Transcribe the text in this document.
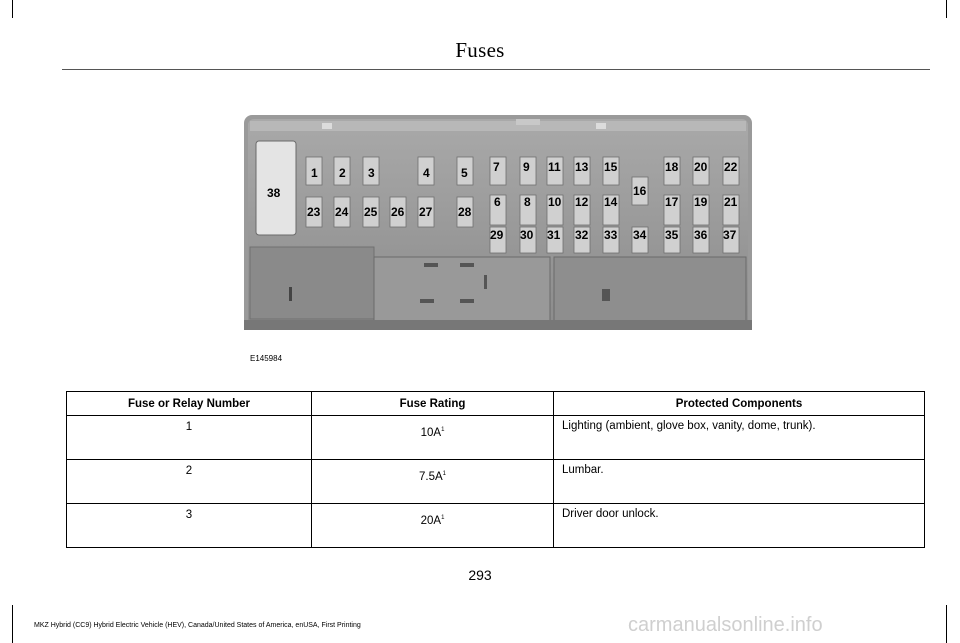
Fuses
38
1 2 3	4	5 7 9 11 13 15
16
18 20 22
23 24 25 26 27 28
6 8 10 12 14	17 19 21
29 30 31 32 33 34 35 36 37
E145984
Fuse or Relay Number	Fuse Rating	Protected Components
1	$10A^1$	Lighting (ambient, glove box, vanity, dome, trunk).
2	$7.5A^1$	Lumbar.
3	$20A^1$	Driver door unlock.
293
MKZ Hybrid (CC9) Hybrid Electric Vehicle (HEV), Canada/United States of America, enUSA, First Printing	carmanualsonline.info
